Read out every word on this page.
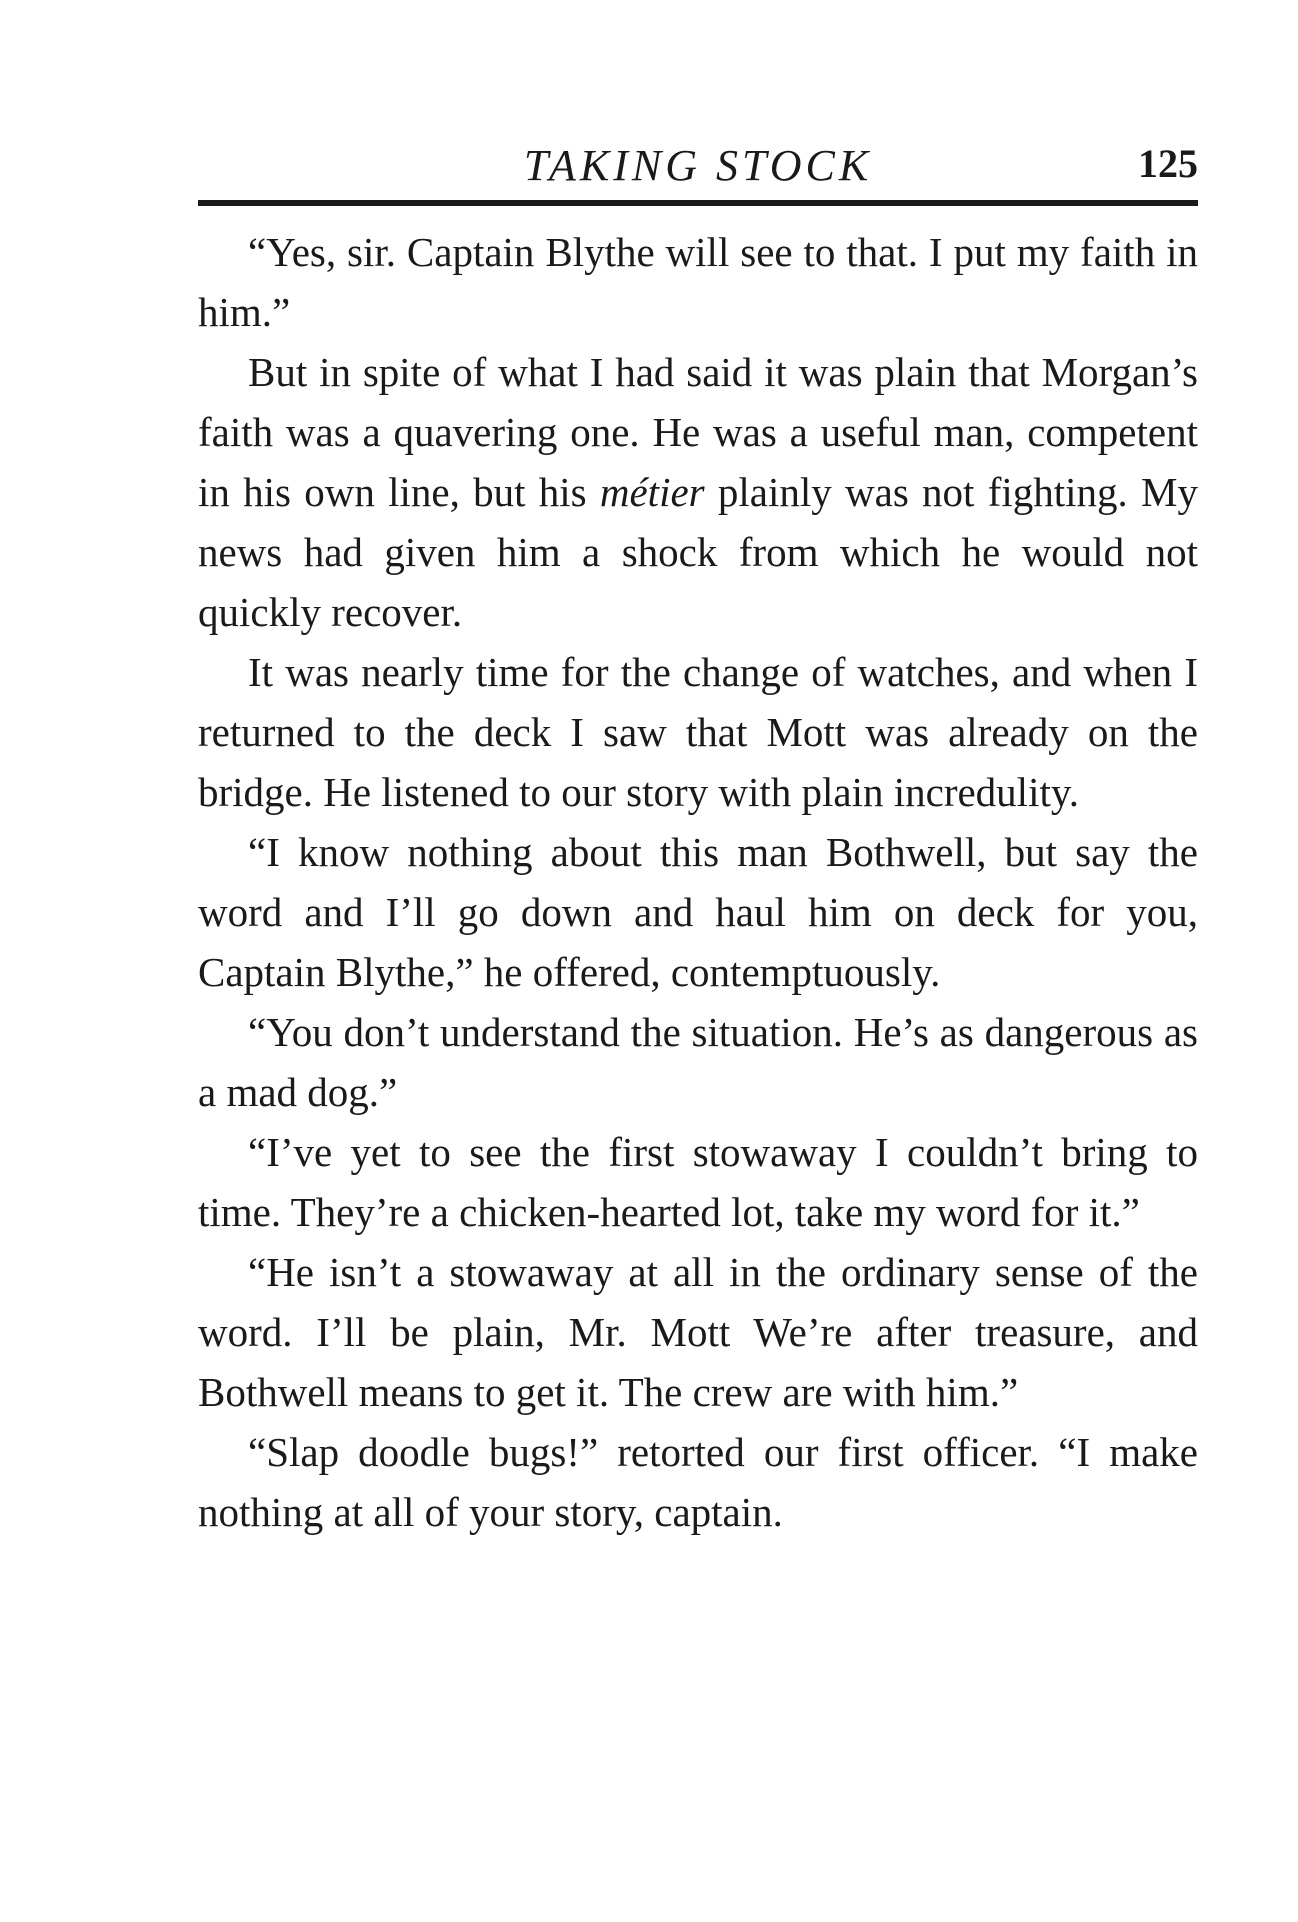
TAKING STOCK	125

“Yes, sir. Captain Blythe will see to that. I put my faith in him.”

But in spite of what I had said it was plain that Morgan’s faith was a quavering one. He was a useful man, competent in his own line, but his métier plainly was not fighting. My news had given him a shock from which he would not quickly recover.

It was nearly time for the change of watches, and when I returned to the deck I saw that Mott was already on the bridge. He listened to our story with plain incredulity.

“I know nothing about this man Bothwell, but say the word and I’ll go down and haul him on deck for you, Captain Blythe,” he offered, contemptuously.

“You don’t understand the situation. He’s as dangerous as a mad dog.”

“I’ve yet to see the first stowaway I couldn’t bring to time. They’re a chicken-hearted lot, take my word for it.”

“He isn’t a stowaway at all in the ordinary sense of the word. I’ll be plain, Mr. Mott We’re after treasure, and Bothwell means to get it. The crew are with him.”

“Slap doodle bugs!” retorted our first officer. “I make nothing at all of your story, captain.
